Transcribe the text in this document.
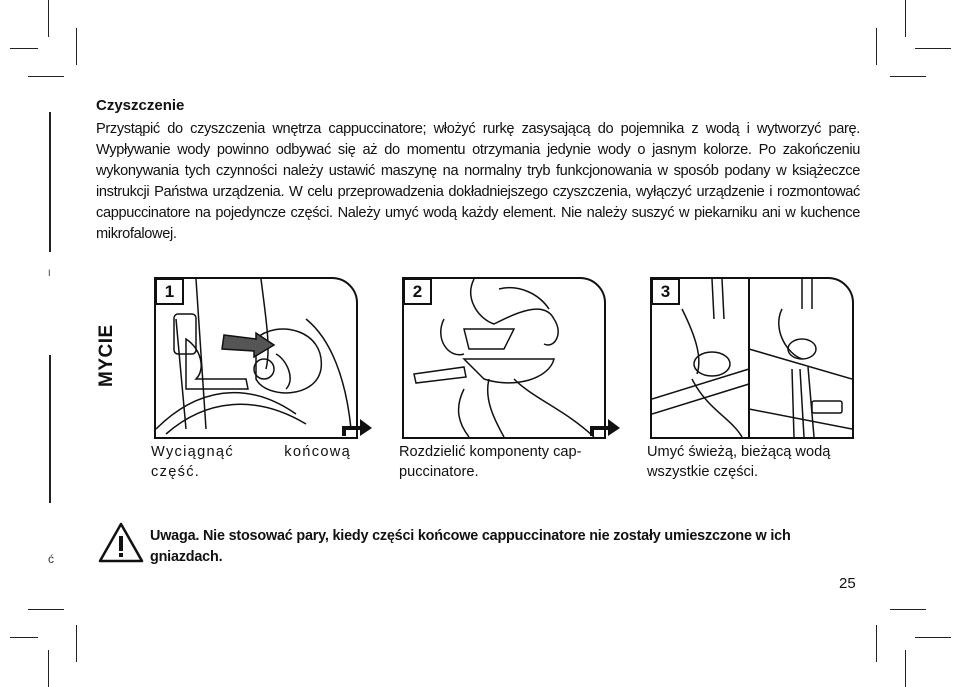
I
ć
Czyszczenie
Przystąpić do czyszczenia wnętrza cappuccinatore; włożyć rurkę zasysającą do pojemnika z wodą i wytworzyć parę. Wypływanie wody powinno odbywać się aż do momentu otrzymania jedynie wody o jasnym kolorze. Po zakończeniu wykonywania tych czynności należy ustawić maszynę na normalny tryb funkcjonowania w sposób podany w książeczce instrukcji Państwa urządzenia. W celu przeprowadzenia dokładniejszego czyszczenia, wyłączyć urządzenie i rozmontować cappuccinatore na pojedyncze części. Należy umyć wodą każdy element. Nie należy suszyć w piekarniku ani w kuchence mikrofalowej.
MYCIE
1
Wyciągnąć końcową część.
2
Rozdzielić komponenty cap-puccinatore.
3
Umyć świeżą, bieżącą wodą wszystkie części.
Uwaga. Nie stosować pary, kiedy części końcowe cappuccinatore nie zostały umieszczone w ich gniazdach.
25
